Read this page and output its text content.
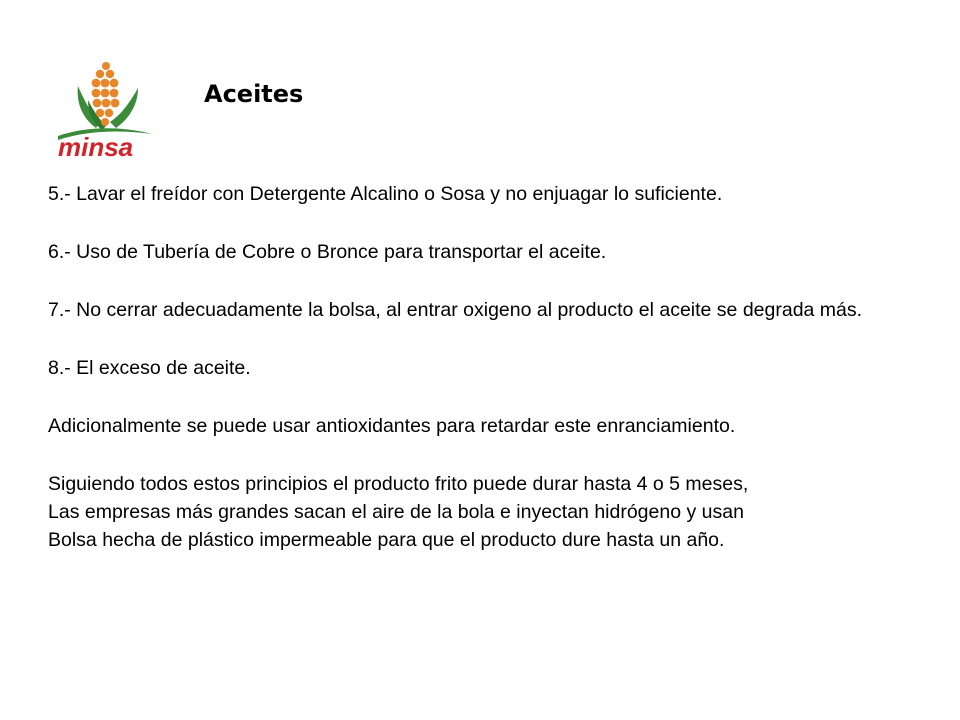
minsa
Aceites

5.- Lavar el freídor con Detergente Alcalino o Sosa y no enjuagar lo suficiente.

6.- Uso de Tubería de Cobre o Bronce para transportar el aceite.

7.- No cerrar adecuadamente la bolsa, al entrar oxigeno al producto el aceite se degrada más.

8.- El exceso de aceite.

Adicionalmente se puede usar antioxidantes para retardar este enranciamiento.

Siguiendo todos estos principios el producto frito puede durar hasta 4 o 5 meses,

Las empresas más grandes sacan el aire de la bola e inyectan hidrógeno y usan

Bolsa hecha de plástico impermeable para que el producto dure hasta un año.
